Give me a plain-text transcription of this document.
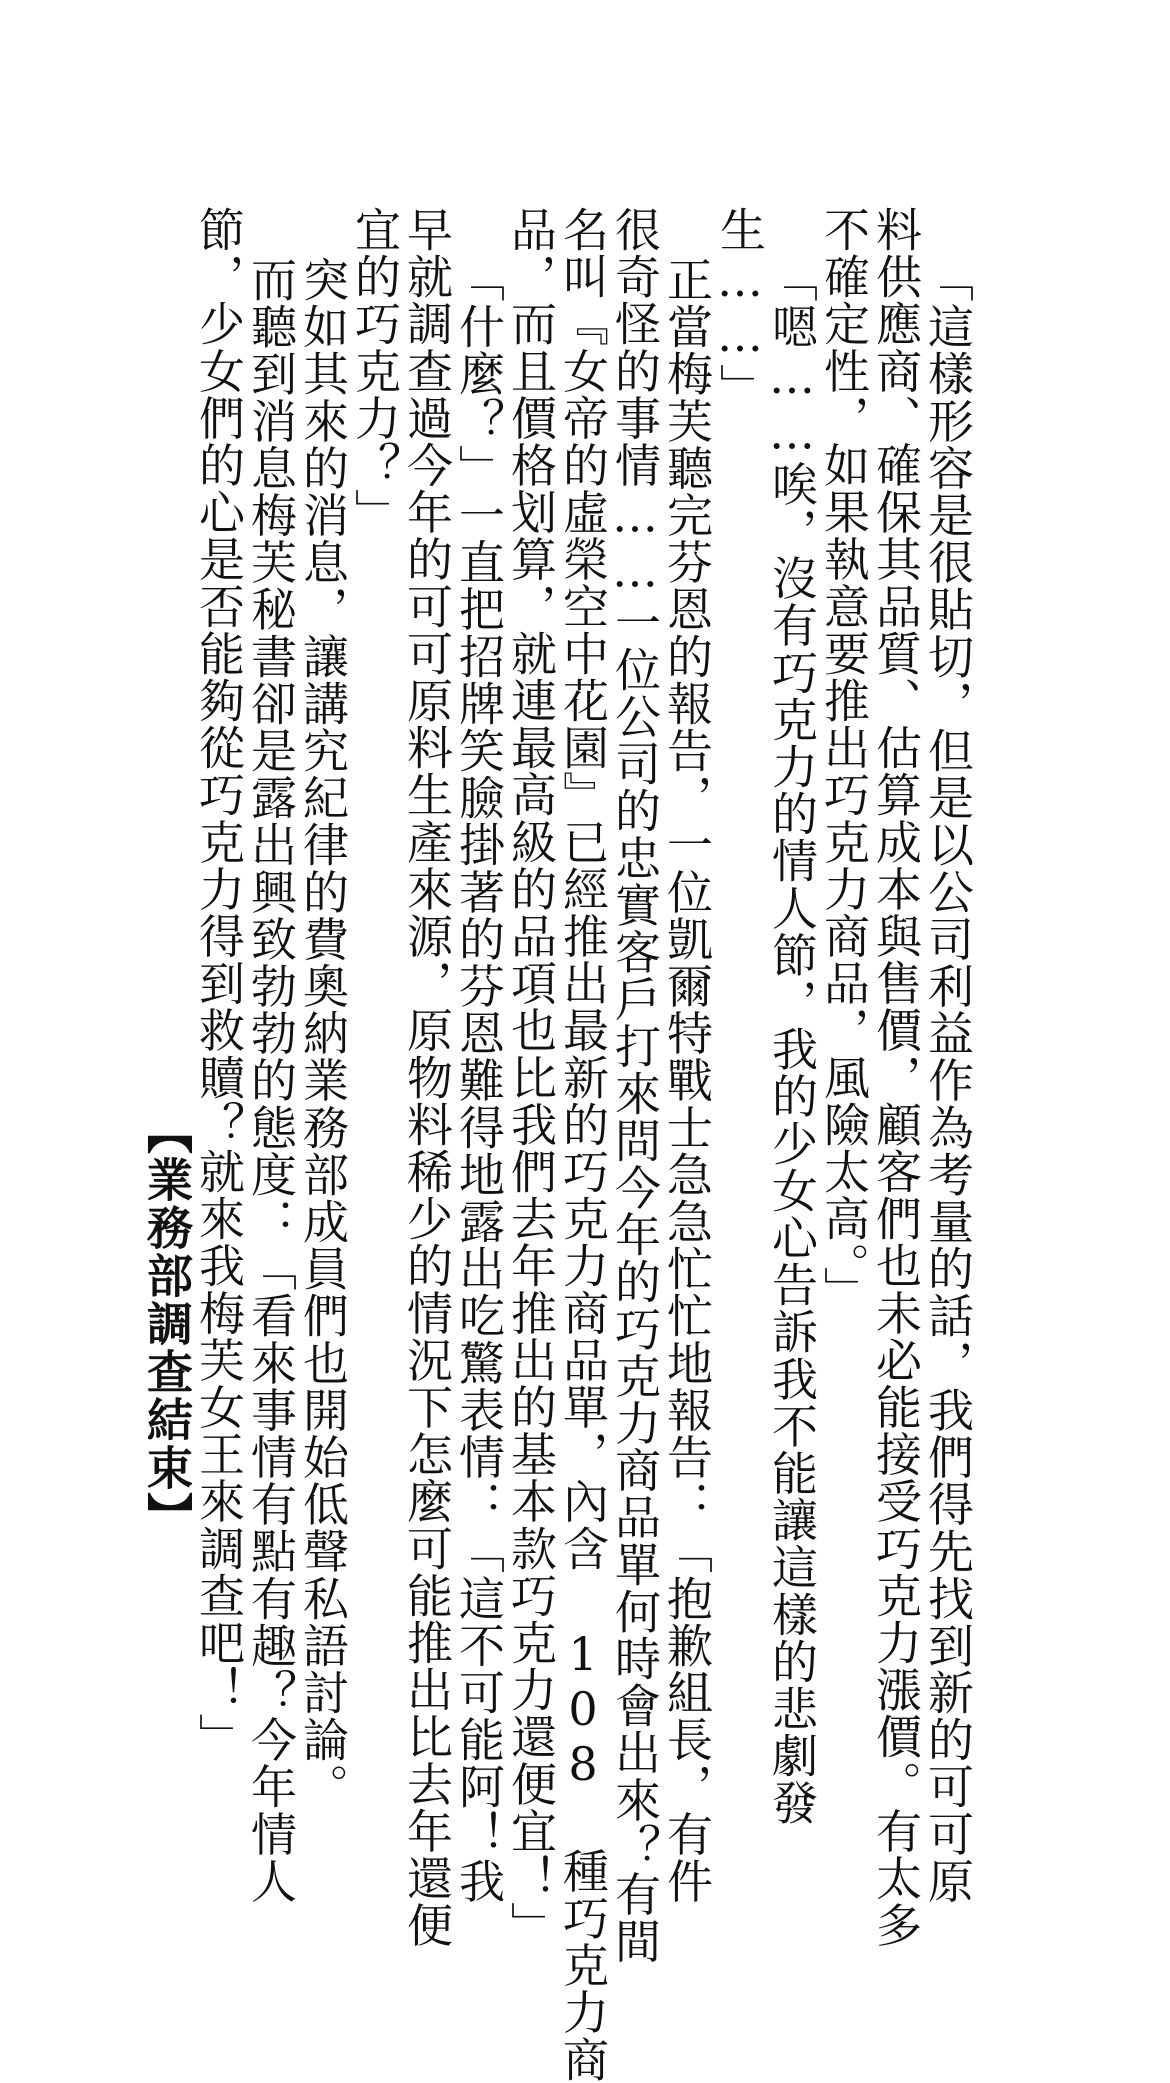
「這樣形容是很貼切，但是以公司利益作為考量的話，我們得先找到新的可可原
料供應商、確保其品質、估算成本與售價，顧客們也未必能接受巧克力漲價。有太多
不確定性，如果執意要推出巧克力商品，風險太高。」
「嗯……唉，沒有巧克力的情人節，我的少女心告訴我不能讓這樣的悲劇發
生……」
正當梅芙聽完芬恩的報告，一位凱爾特戰士急急忙忙地報告：「抱歉組長，有件
很奇怪的事情……一位公司的忠實客戶打來問今年的巧克力商品單何時會出來？有間
名叫『女帝的虛榮空中花園』已經推出最新的巧克力商品單，內含 108 種巧克力商
品，而且價格划算，就連最高級的品項也比我們去年推出的基本款巧克力還便宜！」
「什麼？」一直把招牌笑臉掛著的芬恩難得地露出吃驚表情：「這不可能阿！我
早就調查過今年的可可原料生產來源，原物料稀少的情況下怎麼可能推出比去年還便
宜的巧克力？」
突如其來的消息，讓講究紀律的費奧納業務部成員們也開始低聲私語討論。
而聽到消息梅芙秘書卻是露出興致勃勃的態度：「看來事情有點有趣？今年情人
節，少女們的心是否能夠從巧克力得到救贖？就來我梅芙女王來調查吧！」
【業務部調查結束】
